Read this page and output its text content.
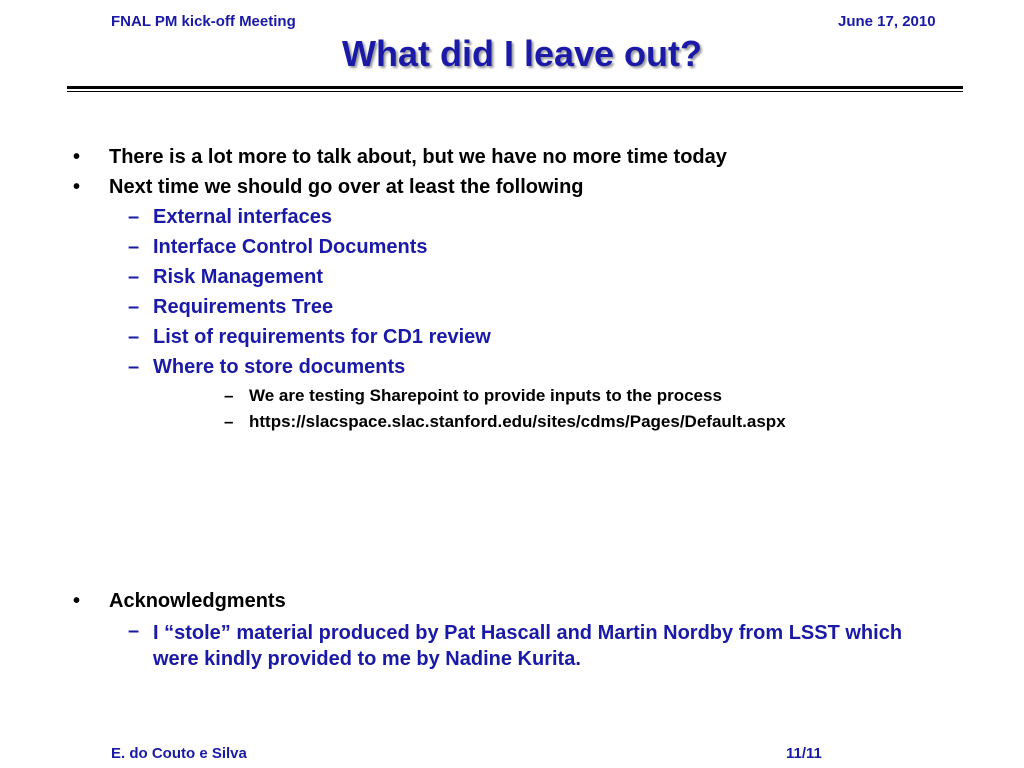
FNAL PM kick-off Meeting	June 17, 2010
What did I leave out?
• There is a lot more to talk about, but we have no more time today
• Next time we should go over at least the following
– External interfaces
– Interface Control Documents
– Risk Management
– Requirements Tree
– List of requirements for CD1 review
– Where to store documents
– We are testing Sharepoint to provide inputs to the process
– https://slacspace.slac.stanford.edu/sites/cdms/Pages/Default.aspx
• Acknowledgments
– I “stole” material produced by Pat Hascall and Martin Nordby from LSST which were kindly provided to me by Nadine Kurita.
E. do Couto e Silva	11/11
